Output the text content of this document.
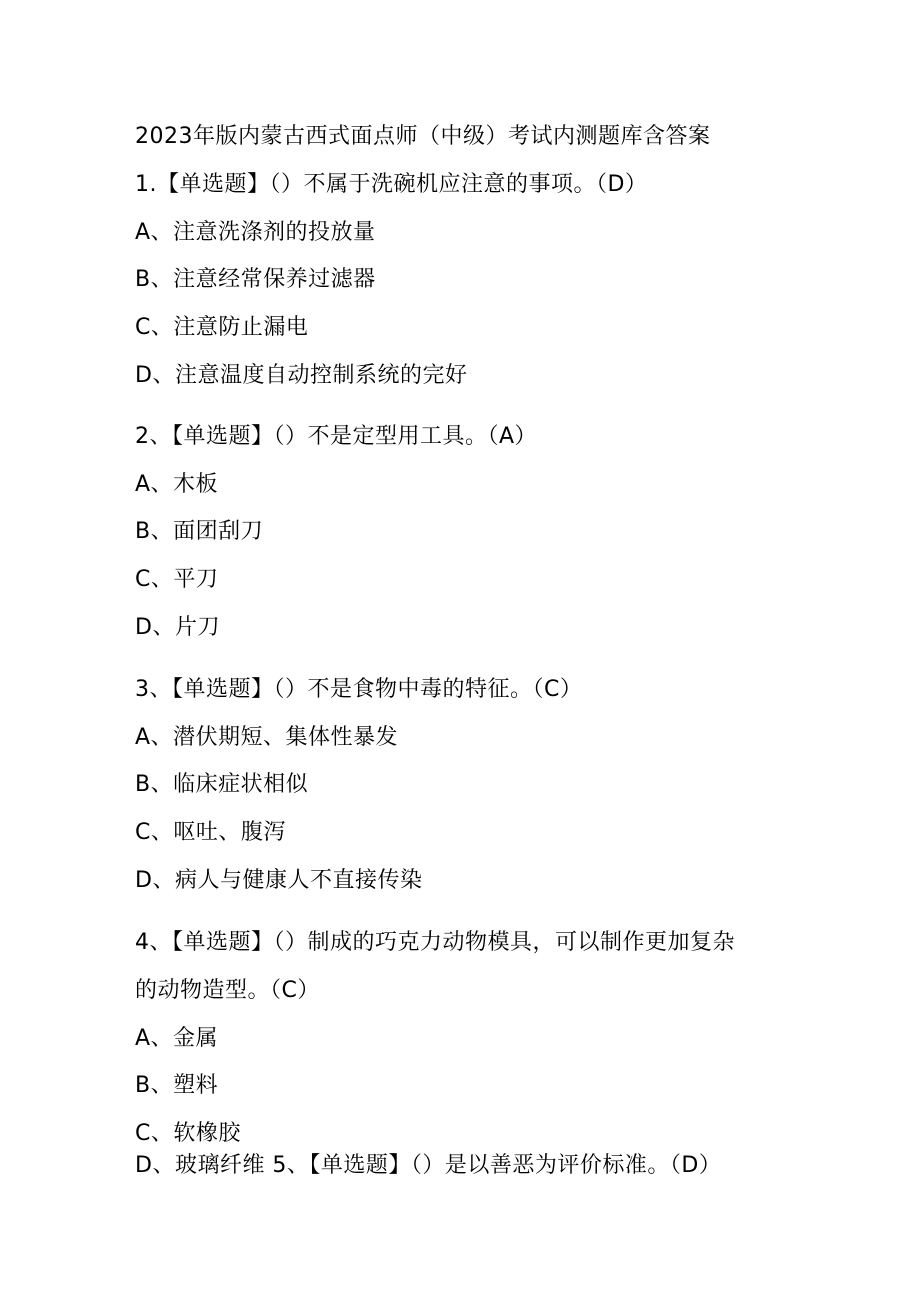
2023年版内蒙古西式面点师（中级）考试内测题库含答案
1.【单选题】（）不属于洗碗机应注意的事项。（D）
A、注意洗涤剂的投放量
B、注意经常保养过滤器
C、注意防止漏电
D、注意温度自动控制系统的完好
2、【单选题】（）不是定型用工具。（A）
A、木板
B、面团刮刀
C、平刀
D、片刀
3、【单选题】（）不是食物中毒的特征。（C）
A、潜伏期短、集体性暴发
B、临床症状相似
C、呕吐、腹泻
D、病人与健康人不直接传染
4、【单选题】（）制成的巧克力动物模具，可以制作更加复杂
的动物造型。（C）
A、金属
B、塑料
C、软橡胶
D、玻璃纤维 5、【单选题】（）是以善恶为评价标准。（D）
